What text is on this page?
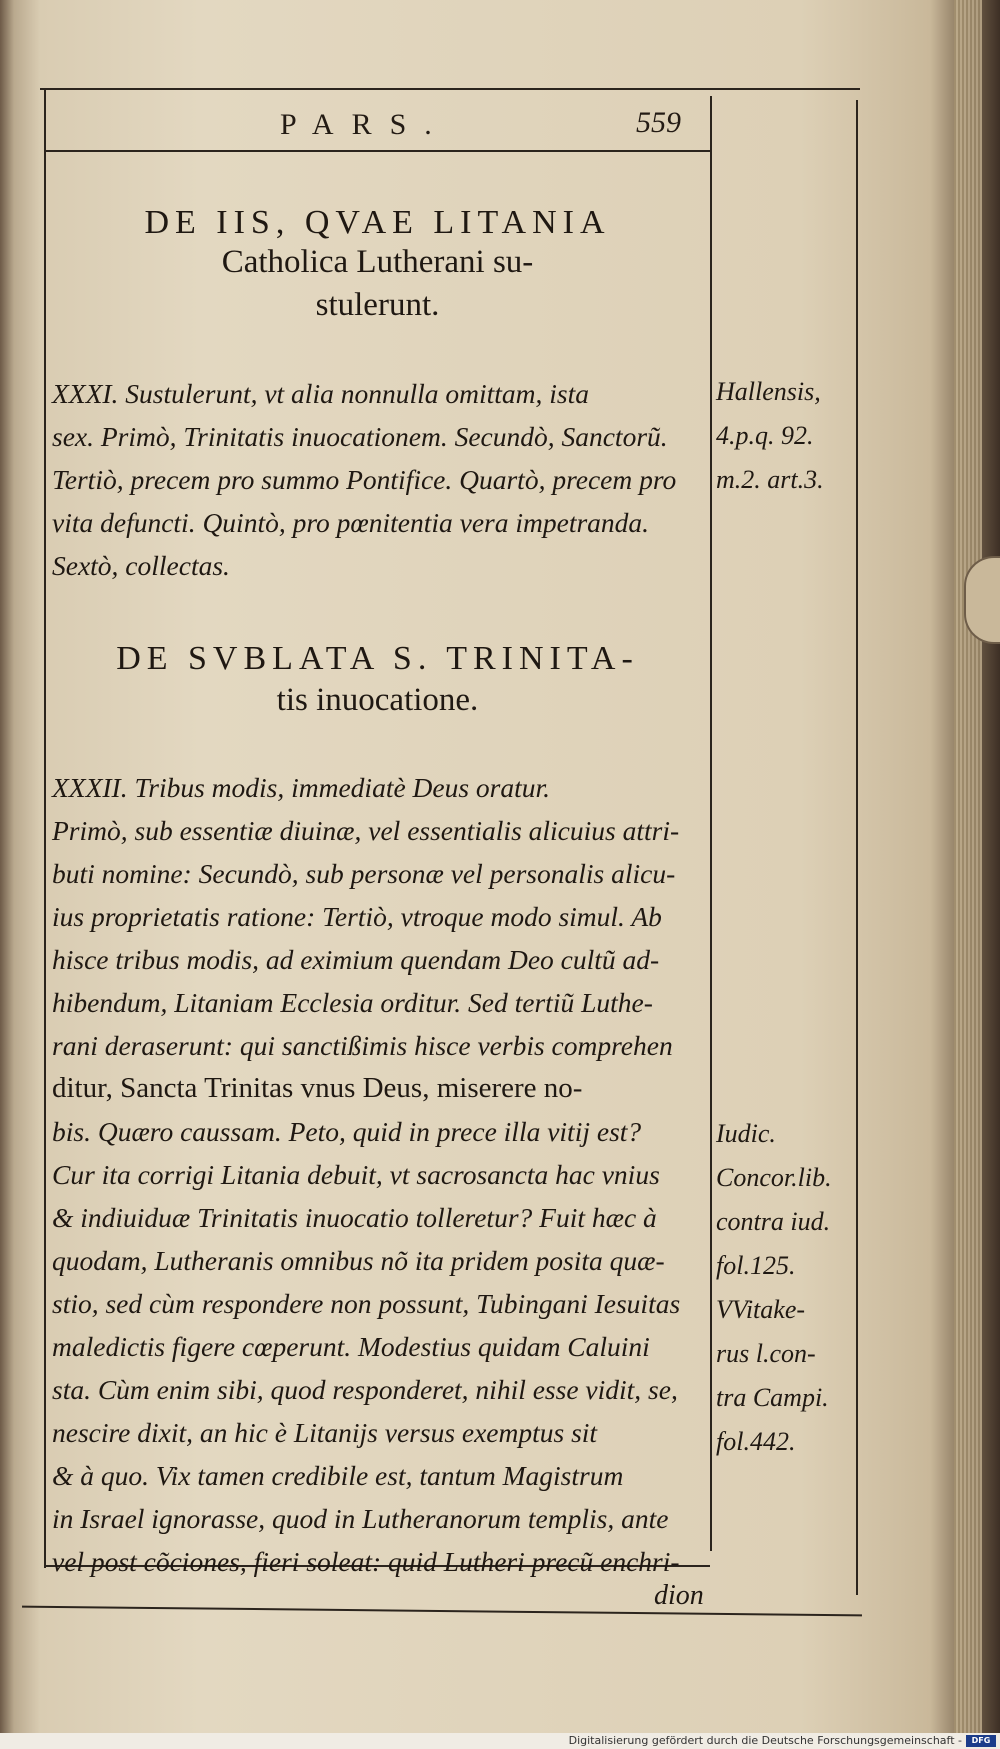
PARS.	559
DE IIS, QVAE LITANIA
Catholica Lutherani su-
stulerunt.
XXXI. Sustulerunt, vt alia nonnulla omittam, ista
sex. Primò, Trinitatis inuocationem. Secundò, Sanctorũ.
Tertiò, precem pro summo Pontifice. Quartò, precem pro
vita defuncti. Quintò, pro pœnitentia vera impetranda.
Sextò, collectas.
DE SVBLATA S. TRINITA-
tis inuocatione.
XXXII. Tribus modis, immediatè Deus oratur.
Primò, sub essentiæ diuinæ, vel essentialis alicuius attri-
buti nomine: Secundò, sub personæ vel personalis alicu-
ius proprietatis ratione: Tertiò, vtroque modo simul. Ab
hisce tribus modis, ad eximium quendam Deo cultũ ad-
hibendum, Litaniam Ecclesia orditur. Sed tertiũ Luthe-
rani deraserunt: qui sanctißimis hisce verbis comprehen
ditur, Sancta Trinitas vnus Deus, miserere no-
bis. Quæro caussam. Peto, quid in prece illa vitij est?
Cur ita corrigi Litania debuit, vt sacrosancta hac vnius
& indiuiduæ Trinitatis inuocatio tolleretur? Fuit hæc à
quodam, Lutheranis omnibus nõ ita pridem posita quæ-
stio, sed cùm respondere non possunt, Tubingani Iesuitas
maledictis figere cœperunt. Modestius quidam Caluini
sta. Cùm enim sibi, quod responderet, nihil esse vidit, se,
nescire dixit, an hic è Litanijs versus exemptus sit
& à quo. Vix tamen credibile est, tantum Magistrum
in Israel ignorasse, quod in Lutheranorum templis, ante
vel post cõciones, fieri soleat: quid Lutheri precũ enchri-
Hallensis,
4.p.q. 92.
m.2. art.3.
Iudic.
Concor.lib.
contra iud.
fol.125.
VVitake-
rus l.con-
tra Campi.
fol.442.
dion
Digitalisierung gefördert durch die Deutsche Forschungsgemeinschaft -	DFG
